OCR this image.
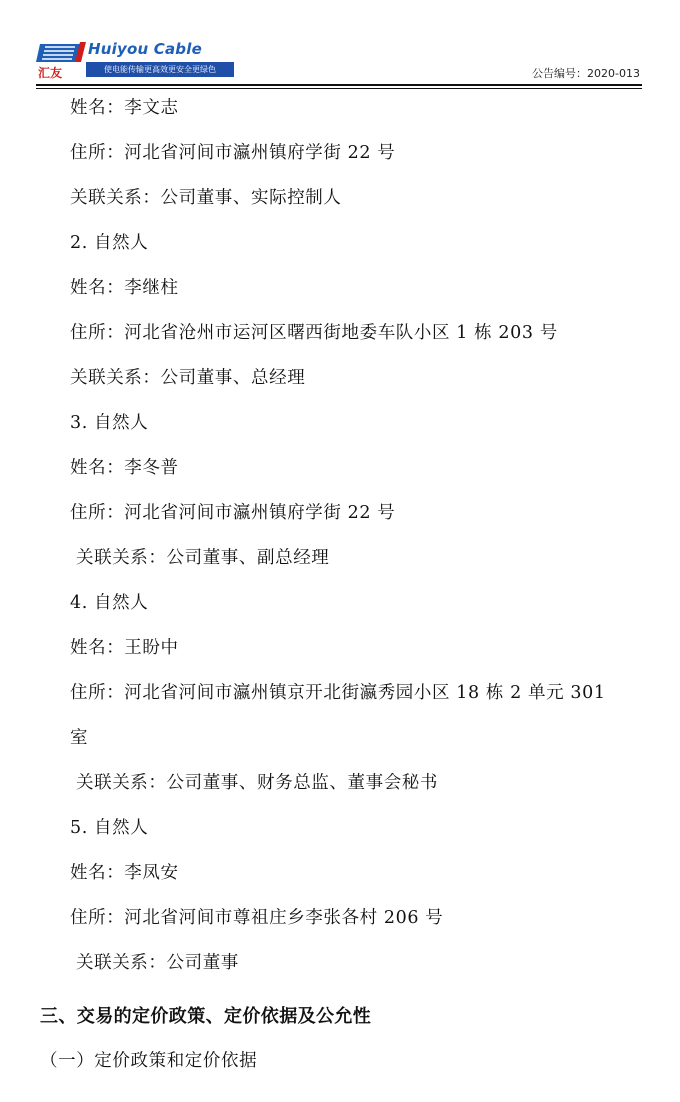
汇友
Huiyou Cable
使电能传输更高效更安全更绿色	公告编号：2020-013
姓名：李文志
住所：河北省河间市瀛州镇府学街 22 号
关联关系：公司董事、实际控制人
2. 自然人
姓名：李继柱
住所：河北省沧州市运河区曙西街地委车队小区 1 栋 203 号
关联关系：公司董事、总经理
3. 自然人
姓名：李冬普
住所：河北省河间市瀛州镇府学街 22 号
关联关系：公司董事、副总经理
4. 自然人
姓名：王盼中
住所：河北省河间市瀛州镇京开北街瀛秀园小区 18 栋 2 单元 301
室
关联关系：公司董事、财务总监、董事会秘书
5. 自然人
姓名：李凤安
住所：河北省河间市尊祖庄乡李张各村 206 号
关联关系：公司董事
三、交易的定价政策、定价依据及公允性
（一）定价政策和定价依据
